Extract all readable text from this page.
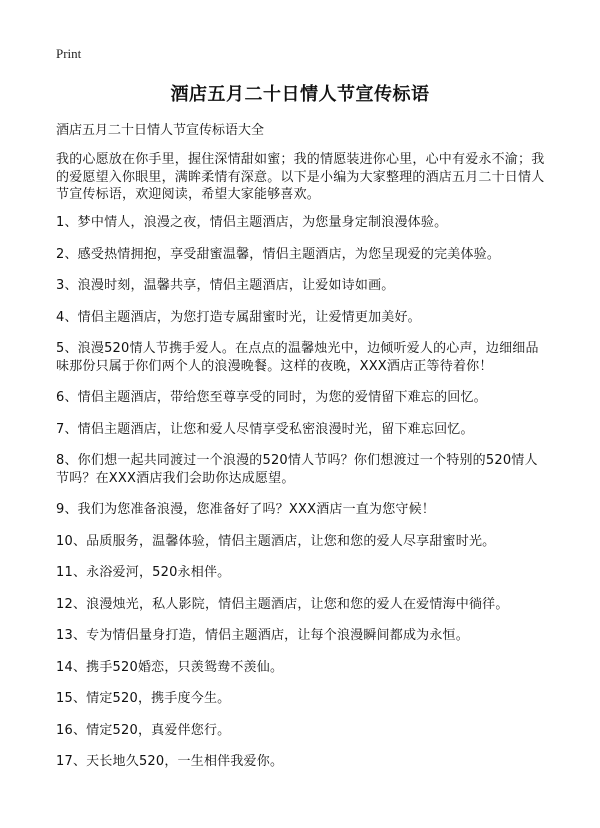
Print
酒店五月二十日情人节宣传标语

酒店五月二十日情人节宣传标语大全

我的心愿放在你手里，握住深情甜如蜜；我的情愿装进你心里，心中有爱永不渝；我的爱愿望入你眼里，满眸柔情有深意。以下是小编为大家整理的酒店五月二十日情人节宣传标语，欢迎阅读，希望大家能够喜欢。

1、梦中情人，浪漫之夜，情侣主题酒店，为您量身定制浪漫体验。
2、感受热情拥抱，享受甜蜜温馨，情侣主题酒店，为您呈现爱的完美体验。
3、浪漫时刻，温馨共享，情侣主题酒店，让爱如诗如画。
4、情侣主题酒店，为您打造专属甜蜜时光，让爱情更加美好。
5、浪漫520情人节携手爱人。在点点的温馨烛光中，边倾听爱人的心声，边细细品味那份只属于你们两个人的浪漫晚餐。这样的夜晚，XXX酒店正等待着你！
6、情侣主题酒店，带给您至尊享受的同时，为您的爱情留下难忘的回忆。
7、情侣主题酒店，让您和爱人尽情享受私密浪漫时光，留下难忘回忆。
8、你们想一起共同渡过一个浪漫的520情人节吗？你们想渡过一个特别的520情人节吗？在XXX酒店我们会助你达成愿望。
9、我们为您准备浪漫，您准备好了吗？XXX酒店一直为您守候！
10、品质服务，温馨体验，情侣主题酒店，让您和您的爱人尽享甜蜜时光。
11、永浴爱河，520永相伴。
12、浪漫烛光，私人影院，情侣主题酒店，让您和您的爱人在爱情海中徜徉。
13、专为情侣量身打造，情侣主题酒店，让每个浪漫瞬间都成为永恒。
14、携手520婚恋，只羡鸳鸯不羡仙。
15、情定520，携手度今生。
16、情定520，真爱伴您行。
17、天长地久520，一生相伴我爱你。
